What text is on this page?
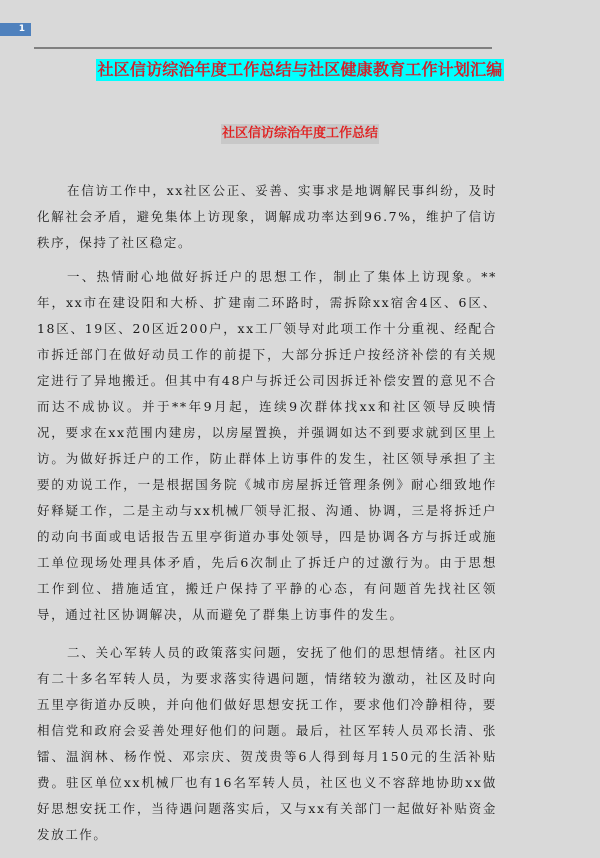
1
社区信访综治年度工作总结与社区健康教育工作计划汇编
社区信访综治年度工作总结

在信访工作中，xx社区公正、妥善、实事求是地调解民事纠纷，及时化解社会矛盾，避免集体上访现象，调解成功率达到96.7%，维护了信访秩序，保持了社区稳定。

一、热情耐心地做好拆迁户的思想工作，制止了集体上访现象。**年，xx市在建设阳和大桥、扩建南二环路时，需拆除xx宿舍4区、6区、18区、19区、20区近200户，xx工厂领导对此项工作十分重视、经配合市拆迁部门在做好动员工作的前提下，大部分拆迁户按经济补偿的有关规定进行了异地搬迁。但其中有48户与拆迁公司因拆迁补偿安置的意见不合而达不成协议。并于**年9月起，连续9次群体找xx和社区领导反映情况，要求在xx范围内建房，以房屋置换，并强调如达不到要求就到区里上访。为做好拆迁户的工作，防止群体上访事件的发生，社区领导承担了主要的劝说工作，一是根据国务院《城市房屋拆迁管理条例》耐心细致地作好释疑工作，二是主动与xx机械厂领导汇报、沟通、协调，三是将拆迁户的动向书面或电话报告五里亭街道办事处领导，四是协调各方与拆迁或施工单位现场处理具体矛盾，先后6次制止了拆迁户的过激行为。由于思想工作到位、措施适宜，搬迁户保持了平静的心态，有问题首先找社区领导，通过社区协调解决，从而避免了群集上访事件的发生。

二、关心军转人员的政策落实问题，安抚了他们的思想情绪。社区内有二十多名军转人员，为要求落实待遇问题，情绪较为激动，社区及时向五里亭街道办反映，并向他们做好思想安抚工作，要求他们冷静相待，要相信党和政府会妥善处理好他们的问题。最后，社区军转人员邓长清、张镭、温润林、杨作悦、邓宗庆、贺茂贵等6人得到每月150元的生活补贴费。驻区单位xx机械厂也有16名军转人员，社区也义不容辞地协助xx做好思想安抚工作，当待遇问题落实后，又与xx有关部门一起做好补贴资金发放工作。
